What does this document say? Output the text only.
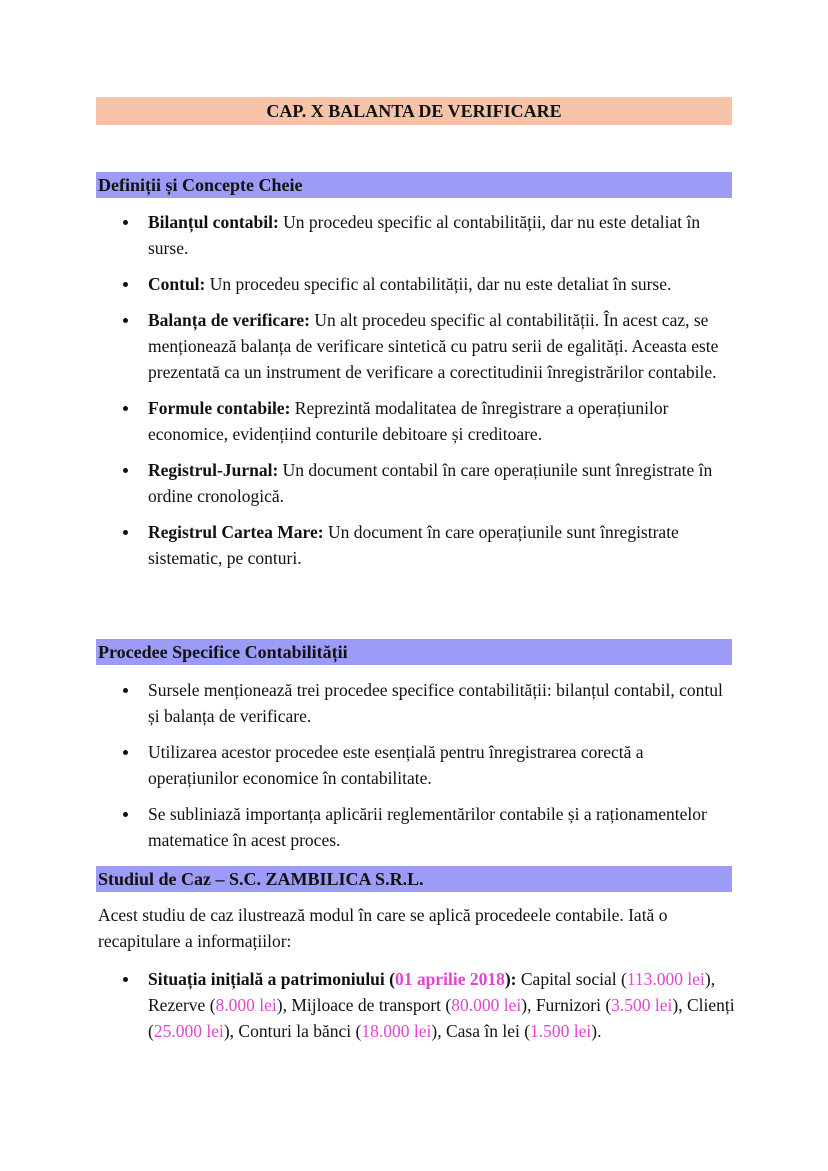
CAP. X BALANTA DE VERIFICARE
Definiții și Concepte Cheie
Bilanțul contabil: Un procedeu specific al contabilității, dar nu este detaliat în surse.
Contul: Un procedeu specific al contabilității, dar nu este detaliat în surse.
Balanța de verificare: Un alt procedeu specific al contabilității. În acest caz, se menționează balanța de verificare sintetică cu patru serii de egalități. Aceasta este prezentată ca un instrument de verificare a corectitudinii înregistrărilor contabile.
Formule contabile: Reprezintă modalitatea de înregistrare a operațiunilor economice, evidențiind conturile debitoare și creditoare.
Registrul-Jurnal: Un document contabil în care operațiunile sunt înregistrate în ordine cronologică.
Registrul Cartea Mare: Un document în care operațiunile sunt înregistrate sistematic, pe conturi.
Procedee Specifice Contabilității
Sursele menționează trei procedee specifice contabilității: bilanțul contabil, contul și balanța de verificare.
Utilizarea acestor procedee este esențială pentru înregistrarea corectă a operațiunilor economice în contabilitate.
Se subliniază importanța aplicării reglementărilor contabile și a raționamentelor matematice în acest proces.
Studiul de Caz – S.C. ZAMBILICA S.R.L.

Acest studiu de caz ilustrează modul în care se aplică procedeele contabile. Iată o recapitulare a informațiilor:

Situația inițială a patrimoniului (01 aprilie 2018): Capital social (113.000 lei), Rezerve (8.000 lei), Mijloace de transport (80.000 lei), Furnizori (3.500 lei), Clienți (25.000 lei), Conturi la bănci (18.000 lei), Casa în lei (1.500 lei).
